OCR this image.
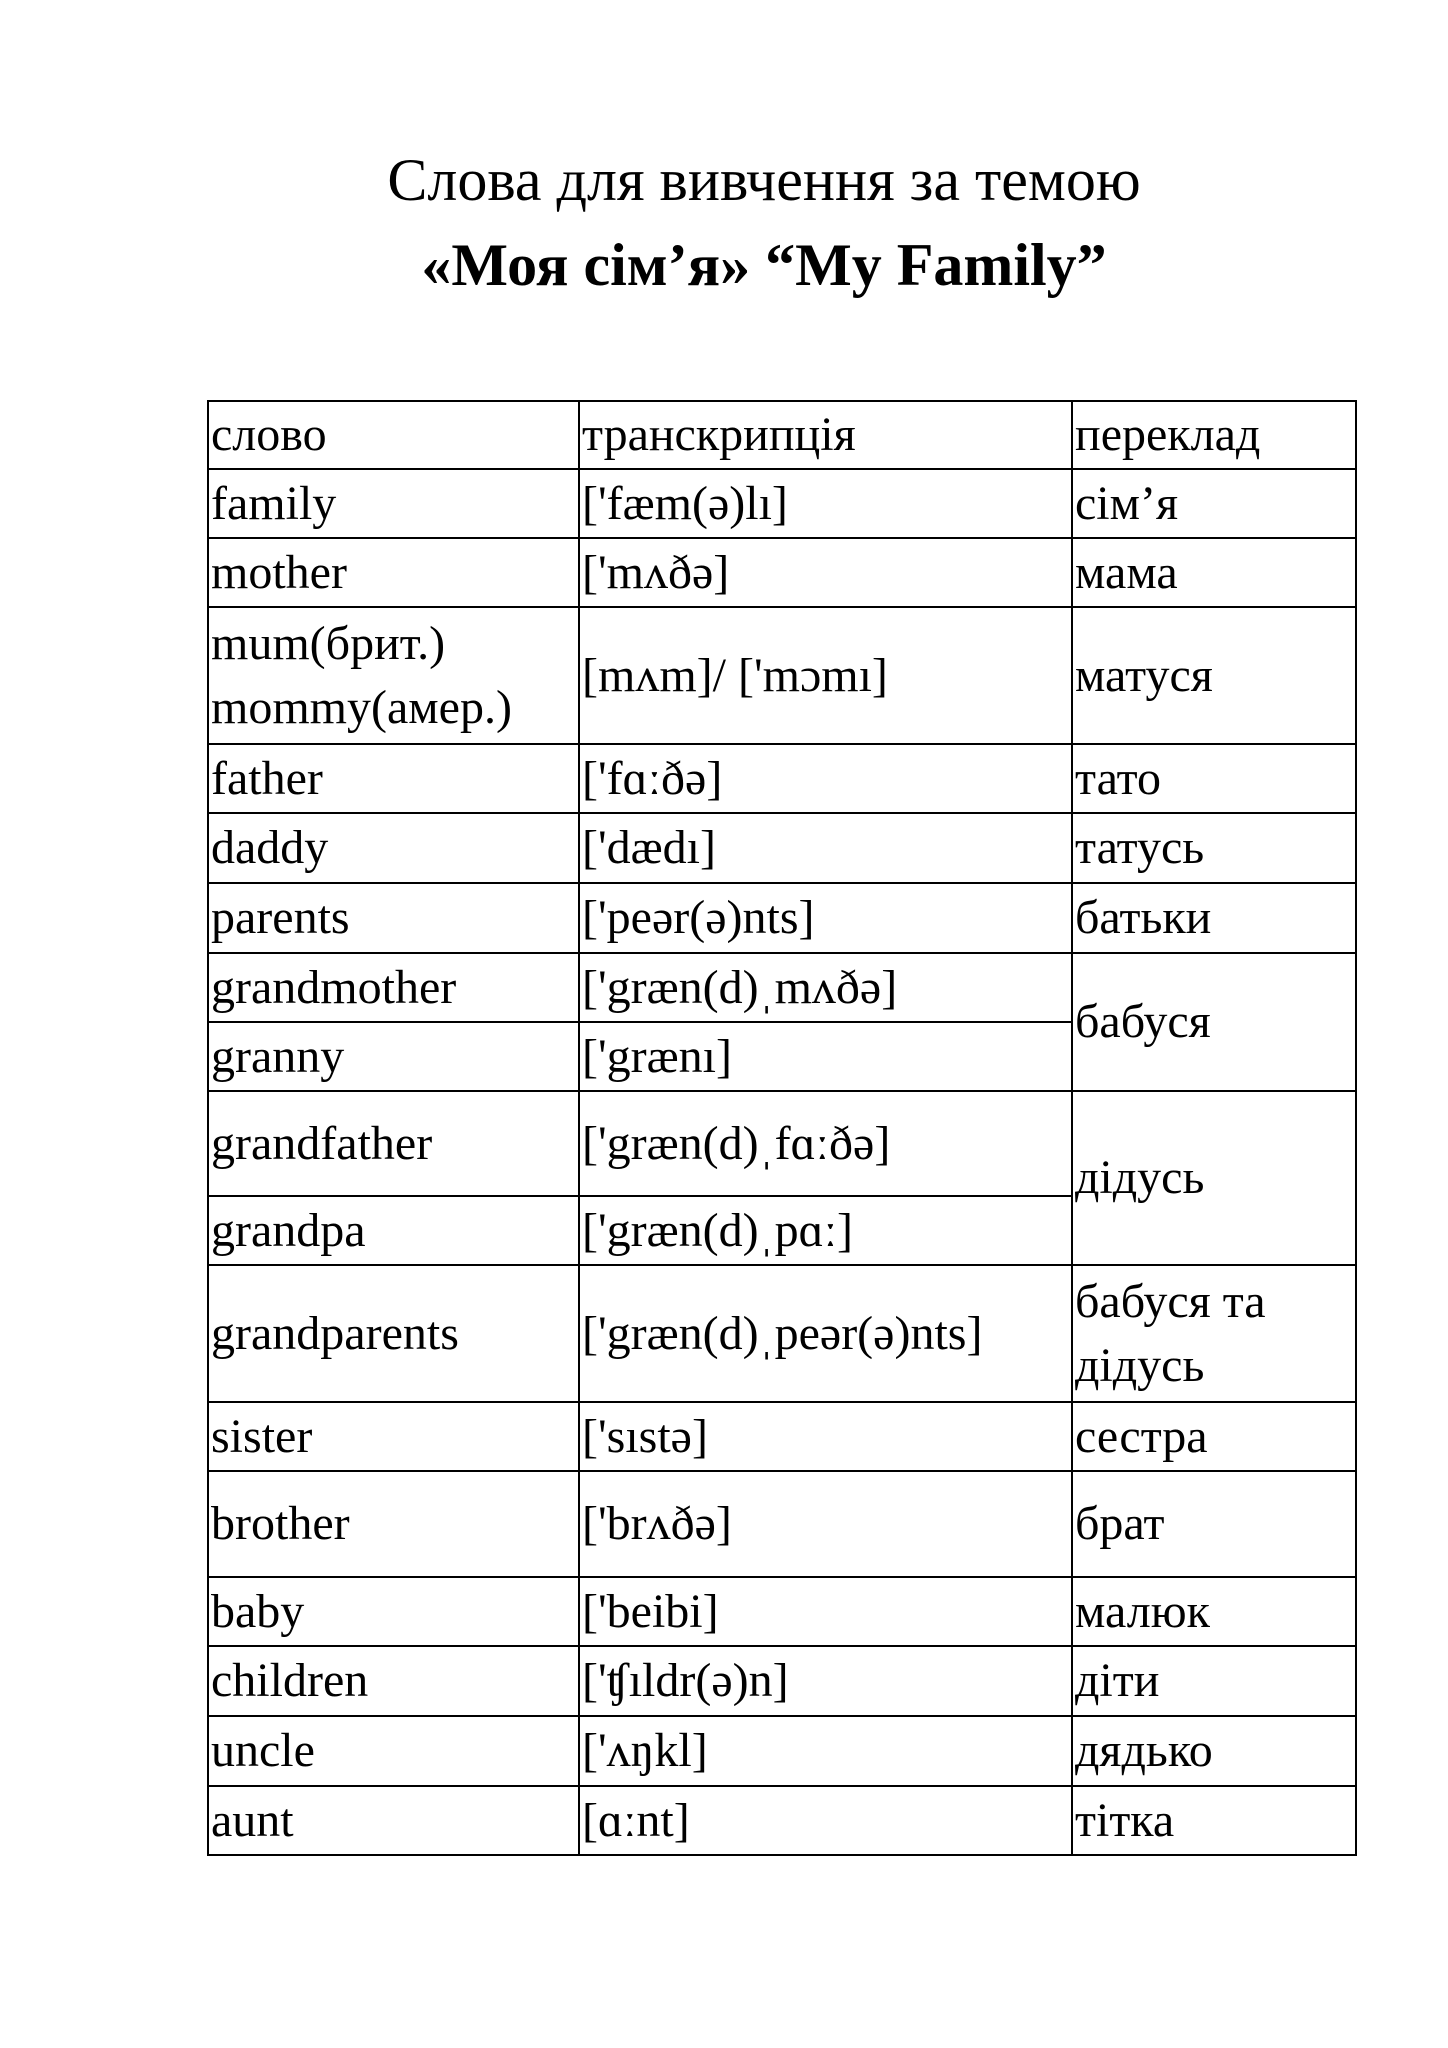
Слова для вивчення за темою
«Моя сім’я» “My Family”
слово	транскрипція	переклад
family	['fæm(ə)lı]	сім’я
mother	['mʌðə]	мама

mum(брит.)
mommy(амер.)	[mʌm]/ ['mɔmı]	матуся
father	['fɑːðə]	тато
daddy	['dædı]	татусь
parents	['peər(ə)nts]	батьки
grandmother	['græn(d)ˌmʌðə]	бабуся
granny	['grænı]	
grandfather	['græn(d)ˌfɑːðə]	дідусь
grandpa	['græn(d)ˌpɑː]	
grandparents	['græn(d)ˌpeər(ə)nts]	бабуся та
дідусь

sister	['sıstə]	сестра
brother	['brʌðə]	брат
baby	['beibi]	малюк
children	['ʧıldr(ə)n]	діти
uncle	['ʌŋkl]	дядько
aunt	[ɑːnt]	тітка
